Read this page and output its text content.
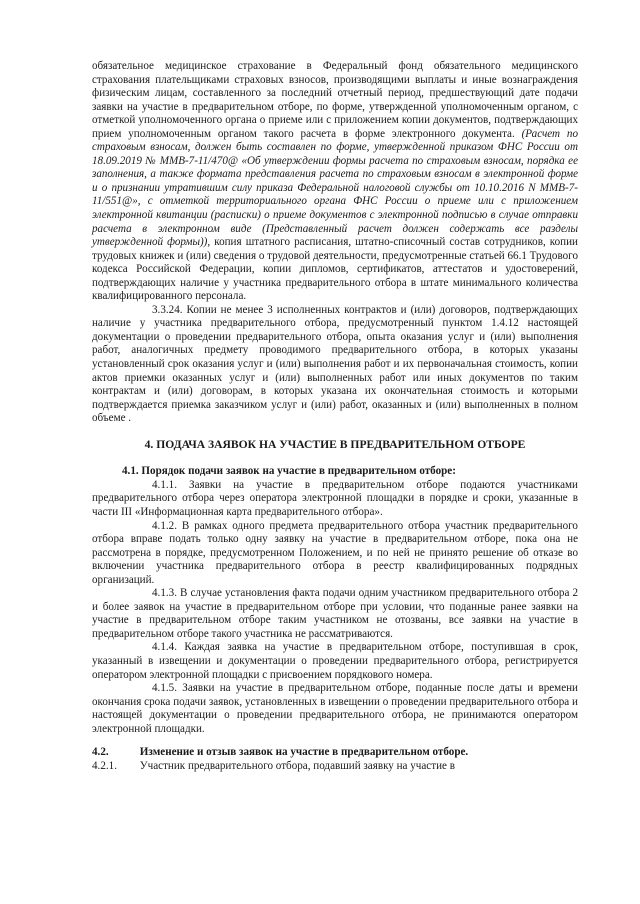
обязательное медицинское страхование в Федеральный фонд обязательного медицинского страхования плательщиками страховых взносов, производящими выплаты и иные вознаграждения физическим лицам, составленного за последний отчетный период, предшествующий дате подачи заявки на участие в предварительном отборе, по форме, утвержденной уполномоченным органом, с отметкой уполномоченного органа о приеме или с приложением копии документов, подтверждающих прием уполномоченным органом такого расчета в форме электронного документа. (Расчет по страховым взносам, должен быть составлен по форме, утвержденной приказом ФНС России от 18.09.2019 № ММВ-7-11/470@ «Об утверждении формы расчета по страховым взносам, порядка ее заполнения, а также формата представления расчета по страховым взносам в электронной форме и о признании утратившим силу приказа Федеральной налоговой службы от 10.10.2016 N ММВ-7-11/551@», с отметкой территориального органа ФНС России о приеме или с приложением электронной квитанции (расписки) о приеме документов с электронной подписью в случае отправки расчета в электронном виде (Представленный расчет должен содержать все разделы утвержденной формы)), копия штатного расписания, штатно-списочный состав сотрудников, копии трудовых книжек и (или) сведения о трудовой деятельности, предусмотренные статьей 66.1 Трудового кодекса Российской Федерации, копии дипломов, сертификатов, аттестатов и удостоверений, подтверждающих наличие у участника предварительного отбора в штате минимального количества квалифицированного персонала.

3.3.24. Копии не менее 3 исполненных контрактов и (или) договоров, подтверждающих наличие у участника предварительного отбора, предусмотренный пунктом 1.4.12 настоящей документации о проведении предварительного отбора, опыта оказания услуг и (или) выполнения работ, аналогичных предмету проводимого предварительного отбора, в которых указаны установленный срок оказания услуг и (или) выполнения работ и их первоначальная стоимость, копии актов приемки оказанных услуг и (или) выполненных работ или иных документов по таким контрактам и (или) договорам, в которых указана их окончательная стоимость и которыми подтверждается приемка заказчиком услуг и (или) работ, оказанных и (или) выполненных в полном объеме .

4. ПОДАЧА ЗАЯВОК НА УЧАСТИЕ В ПРЕДВАРИТЕЛЬНОМ ОТБОРЕ

4.1. Порядок подачи заявок на участие в предварительном отборе:

4.1.1. Заявки на участие в предварительном отборе подаются участниками предварительного отбора через оператора электронной площадки в порядке и сроки, указанные в части III «Информационная карта предварительного отбора».

4.1.2. В рамках одного предмета предварительного отбора участник предварительного отбора вправе подать только одну заявку на участие в предварительном отборе, пока она не рассмотрена в порядке, предусмотренном Положением, и по ней не принято решение об отказе во включении участника предварительного отбора в реестр квалифицированных подрядных организаций.

4.1.3. В случае установления факта подачи одним участником предварительного отбора 2 и более заявок на участие в предварительном отборе при условии, что поданные ранее заявки на участие в предварительном отборе таким участником не отозваны, все заявки на участие в предварительном отборе такого участника не рассматриваются.

4.1.4. Каждая заявка на участие в предварительном отборе, поступившая в срок, указанный в извещении и документации о проведении предварительного отбора, регистрируется оператором электронной площадки с присвоением порядкового номера.

4.1.5. Заявки на участие в предварительном отборе, поданные после даты и времени окончания срока подачи заявок, установленных в извещении о проведении предварительного отбора и настоящей документации о проведении предварительного отбора, не принимаются оператором электронной площадки.

4.2.	Изменение и отзыв заявок на участие в предварительном отборе.

4.2.1. Участник предварительного отбора, подавший заявку на участие в
